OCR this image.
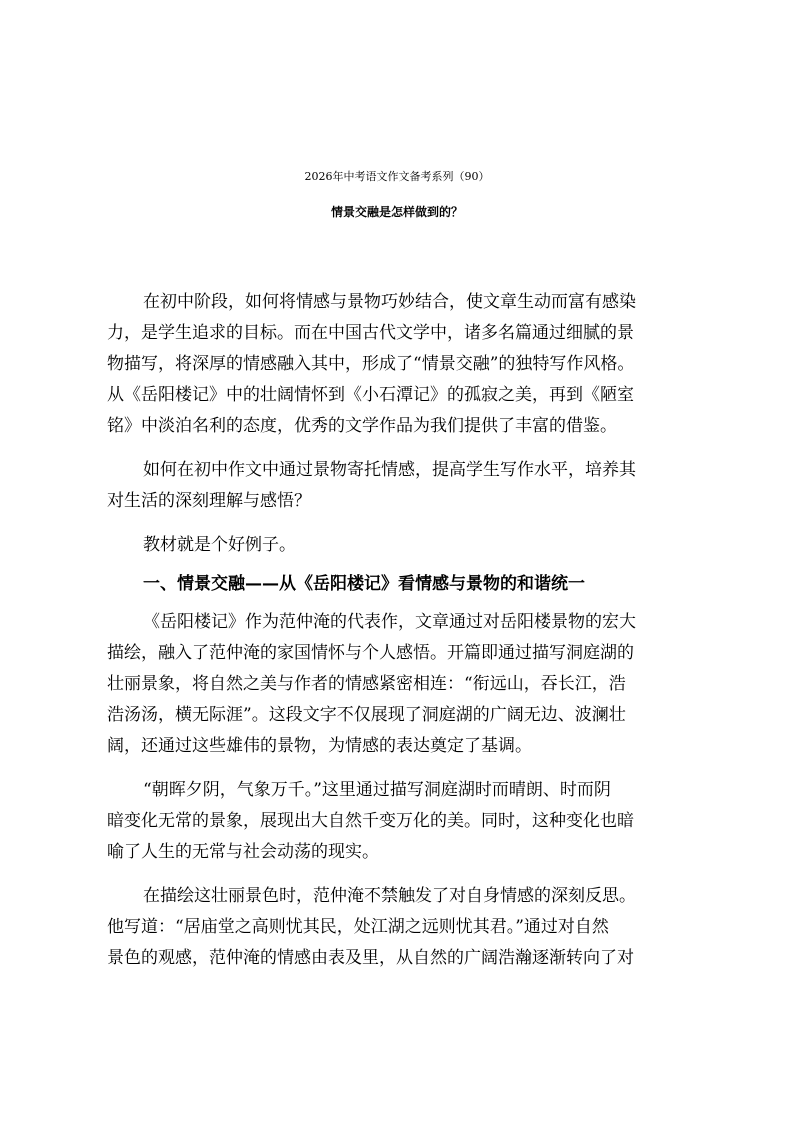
2026年中考语文作文备考系列（90）
情景交融是怎样做到的？
在初中阶段，如何将情感与景物巧妙结合，使文章生动而富有感染
力，是学生追求的目标。而在中国古代文学中，诸多名篇通过细腻的景
物描写，将深厚的情感融入其中，形成了“情景交融”的独特写作风格。
从《岳阳楼记》中的壮阔情怀到《小石潭记》的孤寂之美，再到《陋室
铭》中淡泊名利的态度，优秀的文学作品为我们提供了丰富的借鉴。
如何在初中作文中通过景物寄托情感，提高学生写作水平，培养其
对生活的深刻理解与感悟？
教材就是个好例子。
一、情景交融——从《岳阳楼记》看情感与景物的和谐统一
《岳阳楼记》作为范仲淹的代表作，文章通过对岳阳楼景物的宏大
描绘，融入了范仲淹的家国情怀与个人感悟。开篇即通过描写洞庭湖的
壮丽景象，将自然之美与作者的情感紧密相连：“衔远山，吞长江，浩
浩汤汤，横无际涯”。这段文字不仅展现了洞庭湖的广阔无边、波澜壮
阔，还通过这些雄伟的景物，为情感的表达奠定了基调。
“朝晖夕阴，气象万千。”这里通过描写洞庭湖时而晴朗、时而阴
暗变化无常的景象，展现出大自然千变万化的美。同时，这种变化也暗
喻了人生的无常与社会动荡的现实。
在描绘这壮丽景色时，范仲淹不禁触发了对自身情感的深刻反思。
他写道：“居庙堂之高则忧其民，处江湖之远则忧其君。”通过对自然
景色的观感，范仲淹的情感由表及里，从自然的广阔浩瀚逐渐转向了对
